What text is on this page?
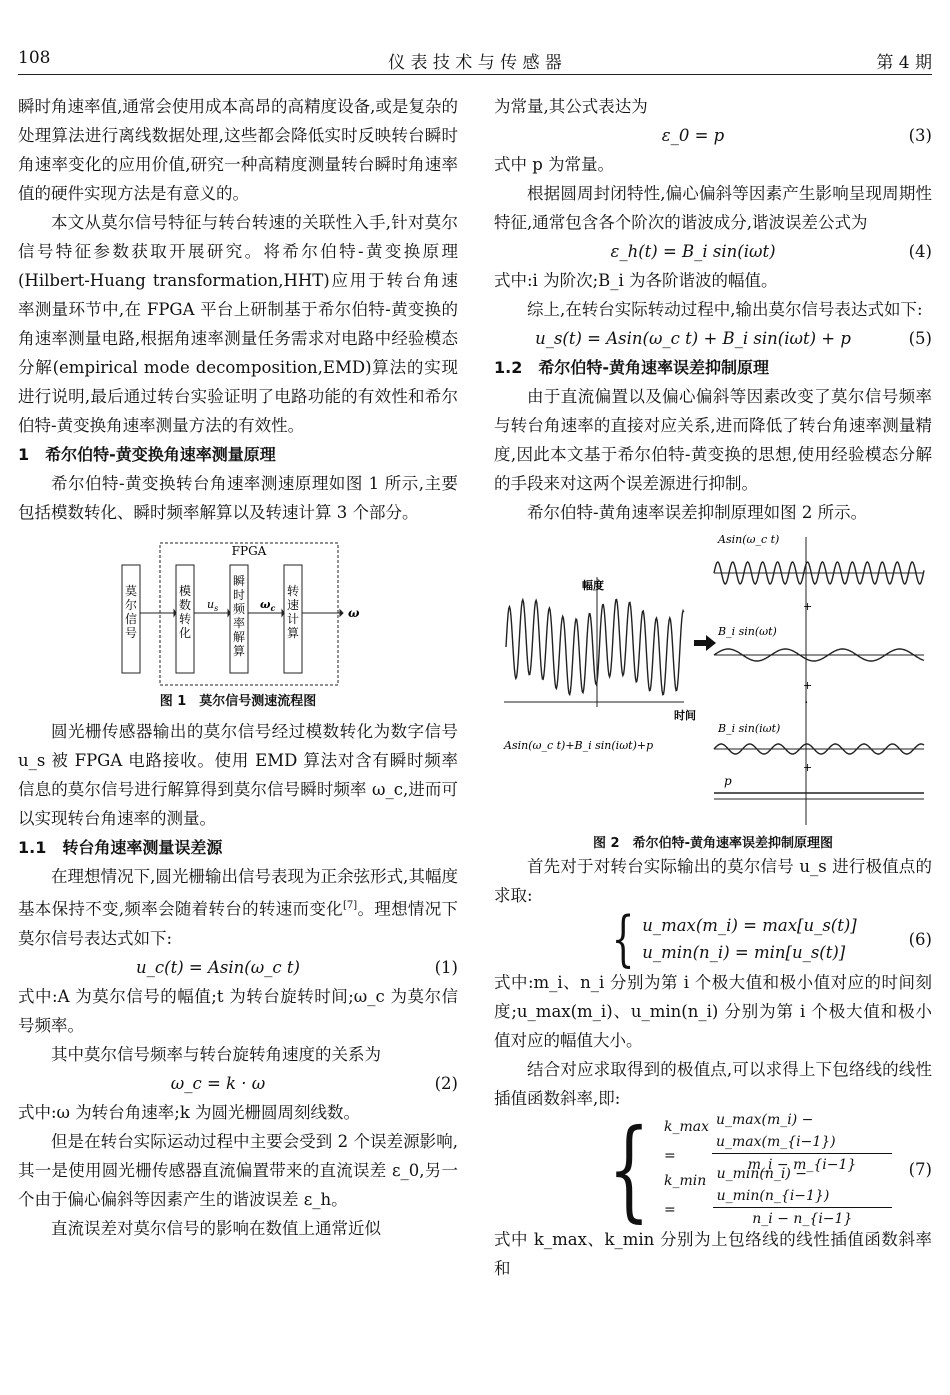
108	仪 表 技 术 与 传 感 器	第 4 期

瞬时角速率值,通常会使用成本高昂的高精度设备,或是复杂的处理算法进行离线数据处理,这些都会降低实时反映转台瞬时角速率变化的应用价值,研究一种高精度测量转台瞬时角速率值的硬件实现方法是有意义的。

本文从莫尔信号特征与转台转速的关联性入手,针对莫尔信号特征参数获取开展研究。将希尔伯特-黄变换原理(Hilbert-Huang transformation,HHT)应用于转台角速率测量环节中,在 FPGA 平台上研制基于希尔伯特-黄变换的角速率测量电路,根据角速率测量任务需求对电路中经验模态分解(empirical mode decomposition,EMD)算法的实现进行说明,最后通过转台实验证明了电路功能的有效性和希尔伯特-黄变换角速率测量方法的有效性。

1　希尔伯特-黄变换角速率测量原理

希尔伯特-黄变换转台角速率测速原理如图 1 所示,主要包括模数转化、瞬时频率解算以及转速计算 3 个部分。

FPGA
莫尔信号
模数转化
瞬时频率解算
转速计算
$u_s$	$\omega_c$	ω
图 1　莫尔信号测速流程图

圆光栅传感器输出的莫尔信号经过模数转化为数字信号 u_s 被 FPGA 电路接收。使用 EMD 算法对含有瞬时频率信息的莫尔信号进行解算得到莫尔信号瞬时频率 ω_c,进而可以实现转台角速率的测量。

1.1　转台角速率测量误差源

在理想情况下,圆光栅输出信号表现为正余弦形式,其幅度基本保持不变,频率会随着转台的转速而变化[7]。理想情况下莫尔信号表达式如下:

u_c(t) = Asin(ω_c t)	(1)

式中:A 为莫尔信号的幅值;t 为转台旋转时间;ω_c 为莫尔信号频率。

其中莫尔信号频率与转台旋转角速度的关系为

ω_c = k · ω	(2)

式中:ω 为转台角速率;k 为圆光栅圆周刻线数。

但是在转台实际运动过程中主要会受到 2 个误差源影响,其一是使用圆光栅传感器直流偏置带来的直流误差 ε_0,另一个由于偏心偏斜等因素产生的谐波误差 ε_h。

直流误差对莫尔信号的影响在数值上通常近似

为常量,其公式表达为

ε_0 = p	(3)

式中 p 为常量。

根据圆周封闭特性,偏心偏斜等因素产生影响呈现周期性特征,通常包含各个阶次的谐波成分,谐波误差公式为

ε_h(t) = B_i sin(iωt)	(4)

式中:i 为阶次;B_i 为各阶谐波的幅值。

综上,在转台实际转动过程中,输出莫尔信号表达式如下:

u_s(t) = Asin(ω_c t) + B_i sin(iωt) + p	(5)

1.2　希尔伯特-黄角速率误差抑制原理

由于直流偏置以及偏心偏斜等因素改变了莫尔信号频率与转台角速率的直接对应关系,进而降低了转台角速率测量精度,因此本文基于希尔伯特-黄变换的思想,使用经验模态分解的手段来对这两个误差源进行抑制。

希尔伯特-黄角速率误差抑制原理如图 2 所示。

幅度
时间
Asin(ω_c t)+B_i sin(iωt)+p
Asin(ω_c t)
+
B_i sin(ωt)
+
·
B_i sin(iωt)
+
p
图 2　希尔伯特-黄角速率误差抑制原理图

首先对于对转台实际输出的莫尔信号 u_s 进行极值点的求取:

{ u_max(m_i) = max[u_s(t)]
u_min(n_i) = min[u_s(t)]
(6)

式中:m_i、n_i 分别为第 i 个极大值和极小值对应的时间刻度;u_max(m_i)、u_min(n_i) 分别为第 i 个极大值和极小值对应的幅值大小。

结合对应求取得到的极值点,可以求得上下包络线的线性插值函数斜率,即:

{ k_max =	$\frac{u\_\max(m\_i) - u\_\max(m\_\{i-1\})}{m\_i - m\_\{i-1\}}$
k_min =	$\frac{u\_\min(n\_i) - u\_\min(n\_\{i-1\})}{n\_i - n\_\{i-1\}}$	(7)

式中 k_max、k_min 分别为上包络线的线性插值函数斜率和
